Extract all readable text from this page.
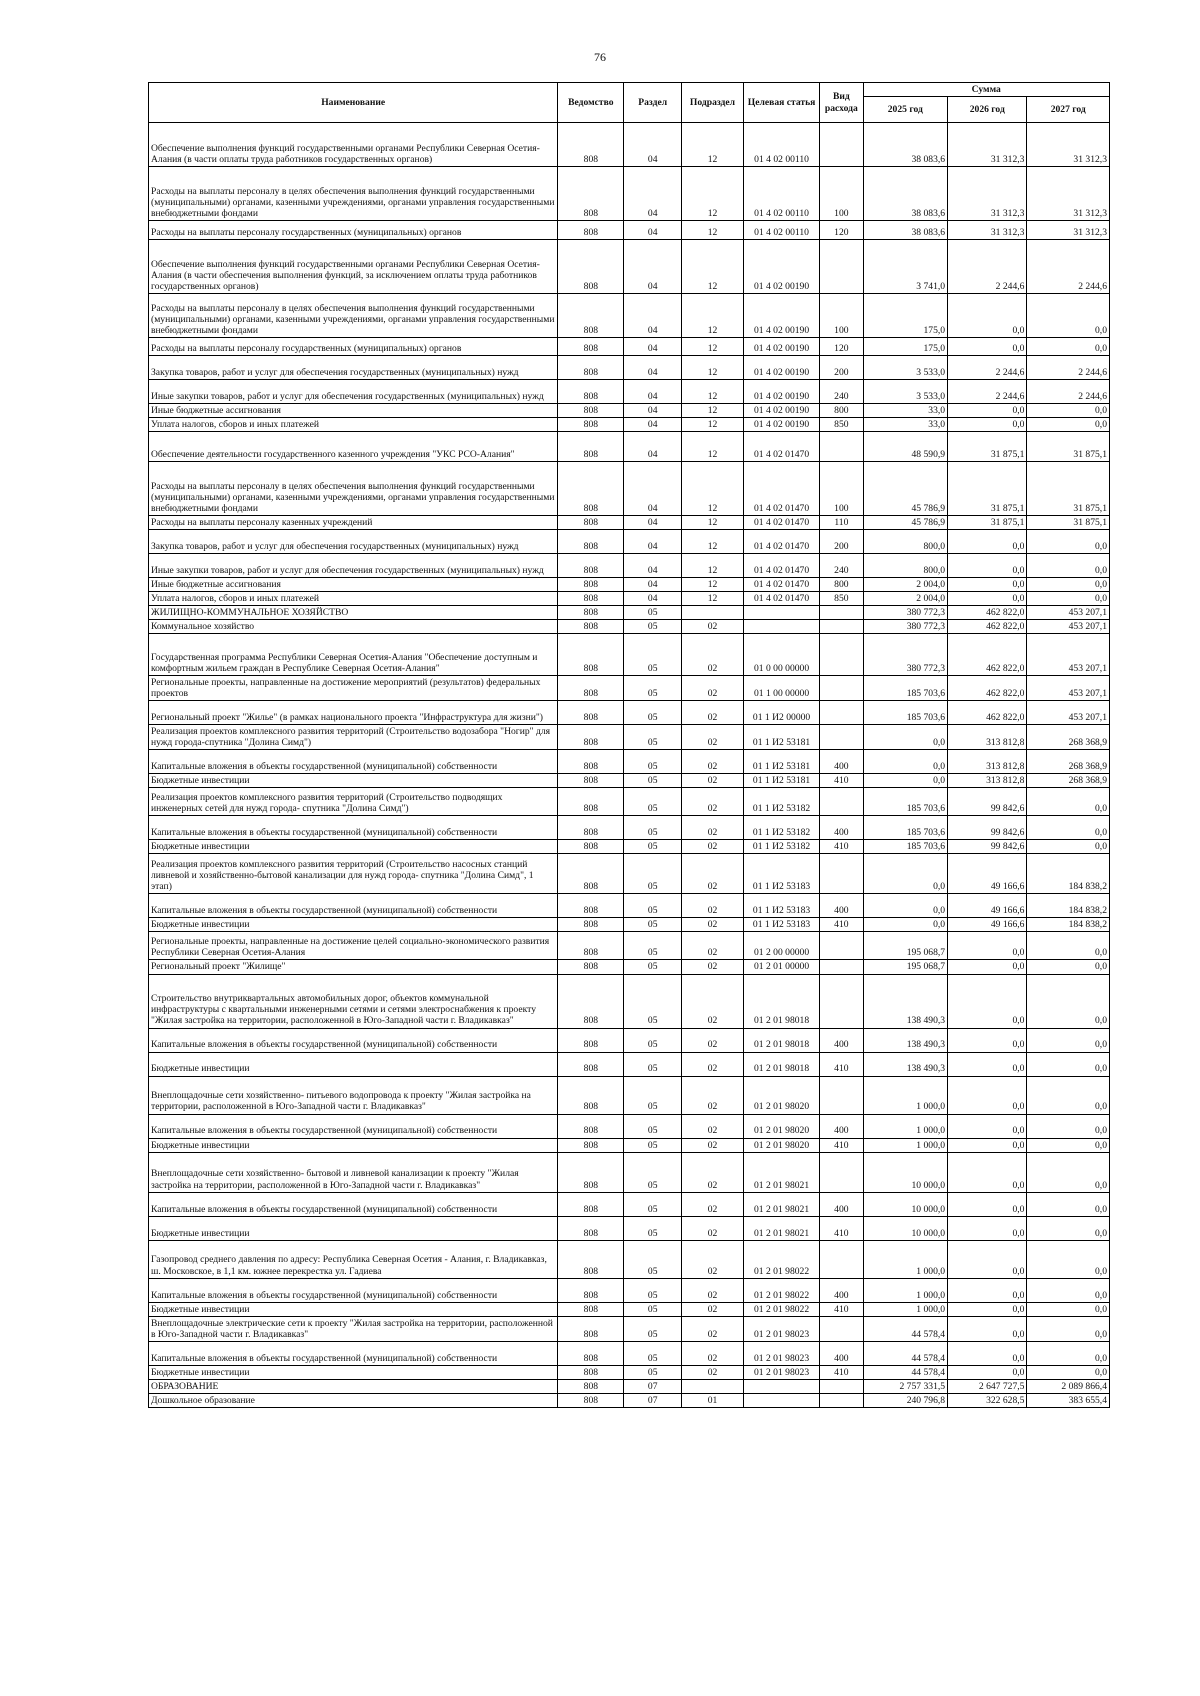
76
Наименование	Ведомство	Раздел	Подраздел	Целевая статья	Вид расхода	Сумма		
						2025 год	2026 год	2027 год
Обеспечение выполнения функций государственными органами Республики Северная Осетия-Алания (в части оплаты труда работников государственных органов)	808	04	12	01 4 02 00110		38 083,6	31 312,3	31 312,3
Расходы на выплаты персоналу в целях обеспечения выполнения функций государственными (муниципальными) органами, казенными учреждениями, органами управления государственными внебюджетными фондами	808	04	12	01 4 02 00110	100	38 083,6	31 312,3	31 312,3
Расходы на выплаты персоналу государственных (муниципальных) органов	808	04	12	01 4 02 00110	120	38 083,6	31 312,3	31 312,3
Обеспечение выполнения функций государственными органами Республики Северная Осетия-Алания (в части обеспечения выполнения функций, за исключением оплаты труда работников государственных органов)	808	04	12	01 4 02 00190		3 741,0	2 244,6	2 244,6
Расходы на выплаты персоналу в целях обеспечения выполнения функций государственными (муниципальными) органами, казенными учреждениями, органами управления государственными внебюджетными фондами	808	04	12	01 4 02 00190	100	175,0	0,0	0,0
Расходы на выплаты персоналу государственных (муниципальных) органов	808	04	12	01 4 02 00190	120	175,0	0,0	0,0
Закупка товаров, работ и услуг для обеспечения государственных (муниципальных) нужд	808	04	12	01 4 02 00190	200	3 533,0	2 244,6	2 244,6
Иные закупки товаров, работ и услуг для обеспечения государственных (муниципальных) нужд	808	04	12	01 4 02 00190	240	3 533,0	2 244,6	2 244,6
Иные бюджетные ассигнования	808	04	12	01 4 02 00190	800	33,0	0,0	0,0
Уплата налогов, сборов и иных платежей	808	04	12	01 4 02 00190	850	33,0	0,0	0,0
Обеспечение деятельности государственного казенного учреждения "УКС РСО-Алания"	808	04	12	01 4 02 01470		48 590,9	31 875,1	31 875,1
Расходы на выплаты персоналу в целях обеспечения выполнения функций государственными (муниципальными) органами, казенными учреждениями, органами управления государственными внебюджетными фондами	808	04	12	01 4 02 01470	100	45 786,9	31 875,1	31 875,1
Расходы на выплаты персоналу казенных учреждений	808	04	12	01 4 02 01470	110	45 786,9	31 875,1	31 875,1
Закупка товаров, работ и услуг для обеспечения государственных (муниципальных) нужд	808	04	12	01 4 02 01470	200	800,0	0,0	0,0
Иные закупки товаров, работ и услуг для обеспечения государственных (муниципальных) нужд	808	04	12	01 4 02 01470	240	800,0	0,0	0,0
Иные бюджетные ассигнования	808	04	12	01 4 02 01470	800	2 004,0	0,0	0,0
Уплата налогов, сборов и иных платежей	808	04	12	01 4 02 01470	850	2 004,0	0,0	0,0
ЖИЛИЩНО-КОММУНАЛЬНОЕ ХОЗЯЙСТВО	808	05				380 772,3	462 822,0	453 207,1
Коммунальное хозяйство	808	05	02			380 772,3	462 822,0	453 207,1
Государственная программа Республики Северная Осетия-Алания "Обеспечение доступным и комфортным жильем граждан в Республике Северная Осетия-Алания"	808	05	02	01 0 00 00000		380 772,3	462 822,0	453 207,1
Региональные проекты, направленные на достижение мероприятий (результатов) федеральных проектов	808	05	02	01 1 00 00000		185 703,6	462 822,0	453 207,1
Региональный проект "Жилье" (в рамках национального проекта "Инфраструктура для жизни")	808	05	02	01 1 И2 00000		185 703,6	462 822,0	453 207,1
Реализация проектов комплексного развития территорий (Строительство водозабора "Ногир" для нужд города-спутника "Долина Симд")	808	05	02	01 1 И2 53181		0,0	313 812,8	268 368,9
Капитальные вложения в объекты государственной (муниципальной) собственности	808	05	02	01 1 И2 53181	400	0,0	313 812,8	268 368,9
Бюджетные инвестиции	808	05	02	01 1 И2 53181	410	0,0	313 812,8	268 368,9
Реализация проектов комплексного развития территорий (Строительство подводящих инженерных сетей для нужд города- спутника "Долина Симд")	808	05	02	01 1 И2 53182		185 703,6	99 842,6	0,0
Капитальные вложения в объекты государственной (муниципальной) собственности	808	05	02	01 1 И2 53182	400	185 703,6	99 842,6	0,0
Бюджетные инвестиции	808	05	02	01 1 И2 53182	410	185 703,6	99 842,6	0,0
Реализация проектов комплексного развития территорий (Строительство насосных станций ливневой и хозяйственно-бытовой канализации для нужд города- спутника "Долина Симд", 1 этап)	808	05	02	01 1 И2 53183		0,0	49 166,6	184 838,2
Капитальные вложения в объекты государственной (муниципальной) собственности	808	05	02	01 1 И2 53183	400	0,0	49 166,6	184 838,2
Бюджетные инвестиции	808	05	02	01 1 И2 53183	410	0,0	49 166,6	184 838,2
Региональные проекты, направленные на достижение целей социально-экономического развития Республики Северная Осетия-Алания	808	05	02	01 2 00 00000		195 068,7	0,0	0,0
Региональный проект "Жилище"	808	05	02	01 2 01 00000		195 068,7	0,0	0,0
Строительство внутриквартальных автомобильных дорог, объектов коммунальной инфраструктуры с квартальными инженерными сетями и сетями электроснабжения к проекту "Жилая застройка на территории, расположенной в Юго-Западной части г. Владикавказ"	808	05	02	01 2 01 98018		138 490,3	0,0	0,0
Капитальные вложения в объекты государственной (муниципальной) собственности	808	05	02	01 2 01 98018	400	138 490,3	0,0	0,0
Бюджетные инвестиции	808	05	02	01 2 01 98018	410	138 490,3	0,0	0,0
Внеплощадочные сети хозяйственно- питьевого водопровода к проекту "Жилая застройка на территории, расположенной в Юго-Западной части г. Владикавказ"	808	05	02	01 2 01 98020		1 000,0	0,0	0,0
Капитальные вложения в объекты государственной (муниципальной) собственности	808	05	02	01 2 01 98020	400	1 000,0	0,0	0,0
Бюджетные инвестиции	808	05	02	01 2 01 98020	410	1 000,0	0,0	0,0
Внеплощадочные сети хозяйственно- бытовой и ливневой канализации к проекту "Жилая застройка на территории, расположенной в Юго-Западной части г. Владикавказ"	808	05	02	01 2 01 98021		10 000,0	0,0	0,0
Капитальные вложения в объекты государственной (муниципальной) собственности	808	05	02	01 2 01 98021	400	10 000,0	0,0	0,0
Бюджетные инвестиции	808	05	02	01 2 01 98021	410	10 000,0	0,0	0,0
Газопровод среднего давления по адресу: Республика Северная Осетия - Алания, г. Владикавказ, ш. Московское, в 1,1 км. южнее перекрестка ул. Гадиева	808	05	02	01 2 01 98022		1 000,0	0,0	0,0
Капитальные вложения в объекты государственной (муниципальной) собственности	808	05	02	01 2 01 98022	400	1 000,0	0,0	0,0
Бюджетные инвестиции	808	05	02	01 2 01 98022	410	1 000,0	0,0	0,0
Внеплощадочные электрические сети к проекту "Жилая застройка на территории, расположенной в Юго-Западной части г. Владикавказ"	808	05	02	01 2 01 98023		44 578,4	0,0	0,0
Капитальные вложения в объекты государственной (муниципальной) собственности	808	05	02	01 2 01 98023	400	44 578,4	0,0	0,0
Бюджетные инвестиции	808	05	02	01 2 01 98023	410	44 578,4	0,0	0,0
ОБРАЗОВАНИЕ	808	07				2 757 331,5	2 647 727,5	2 089 866,4
Дошкольное образование	808	07	01			240 796,8	322 628,5	383 655,4
